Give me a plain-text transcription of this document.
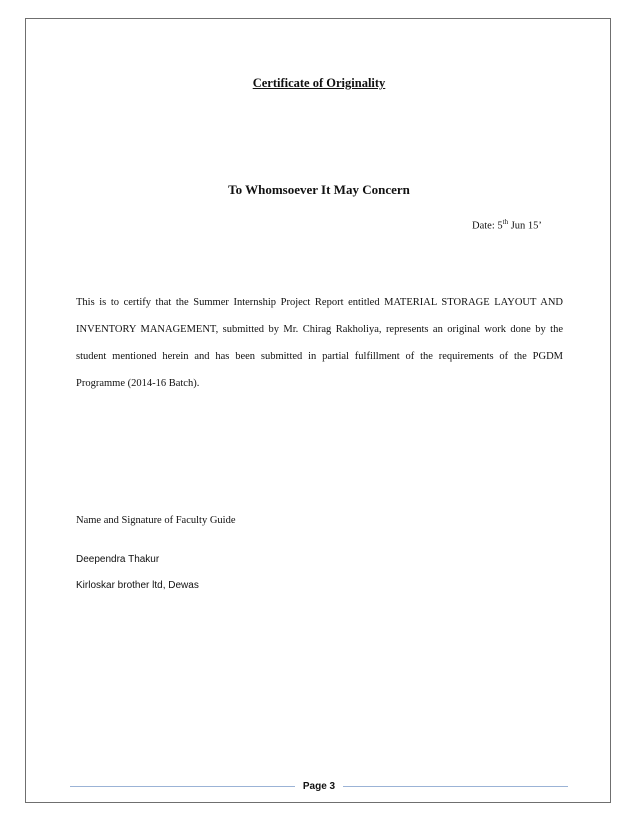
Certificate of Originality
To Whomsoever It May Concern
Date: 5th Jun 15’

This is to certify that the Summer Internship Project Report entitled MATERIAL STORAGE LAYOUT AND INVENTORY MANAGEMENT, submitted by Mr. Chirag Rakholiya, represents an original work done by the student mentioned herein and has been submitted in partial fulfillment of the requirements of the PGDM Programme (2014-16 Batch).

Name and Signature of Faculty Guide
Deependra Thakur
Kirloskar brother ltd, Dewas
Page 3
